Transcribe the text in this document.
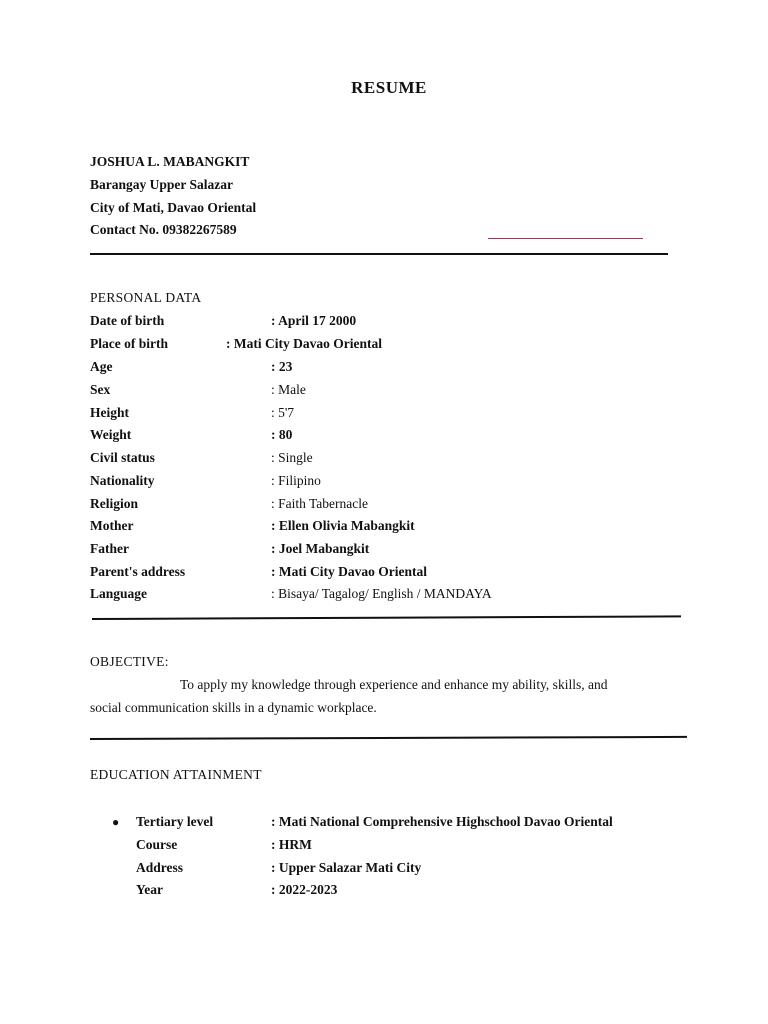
RESUME
JOSHUA L. MABANGKIT
Barangay Upper Salazar
City of Mati, Davao Oriental
Contact No. 09382267589
PERSONAL DATA
Date of birth	: April 17 2000
Place of birth	: Mati City Davao Oriental
Age	: 23
Sex	: Male
Height	: 5'7
Weight	: 80
Civil status	: Single
Nationality	: Filipino
Religion	: Faith Tabernacle
Mother	: Ellen Olivia Mabangkit
Father	: Joel Mabangkit
Parent's address	: Mati City Davao Oriental
Language	: Bisaya/ Tagalog/ English / MANDAYA
OBJECTIVE:
To apply my knowledge through experience and enhance my ability, skills, and
social communication skills in a dynamic workplace.
EDUCATION ATTAINMENT
● Tertiary level	: Mati National Comprehensive Highschool Davao Oriental
Course	: HRM
Address	: Upper Salazar Mati City
Year	: 2022-2023
